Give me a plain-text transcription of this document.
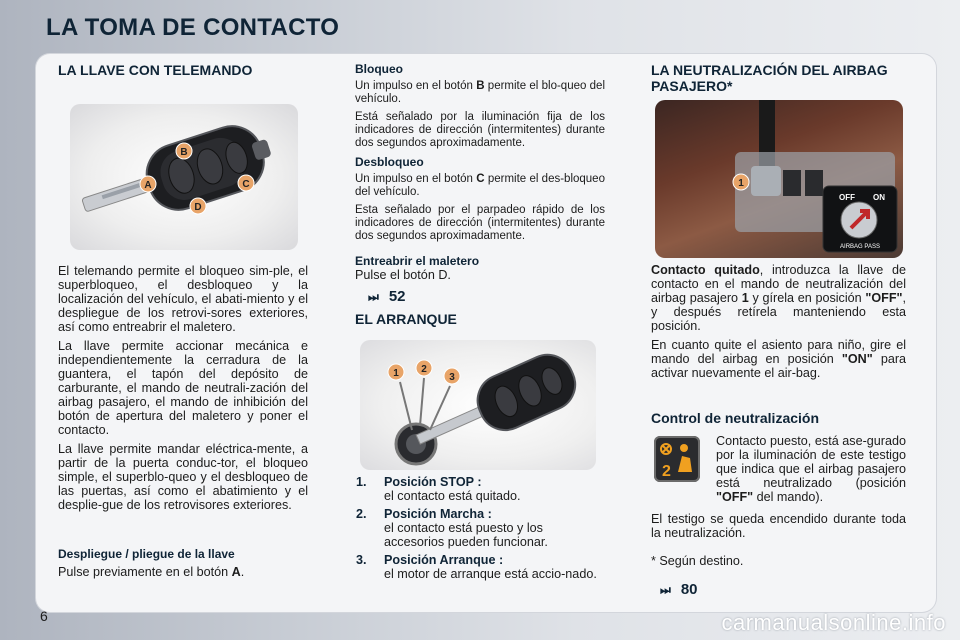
LA TOMA DE CONTACTO
LA LLAVE CON TELEMANDO
A
B
C
D

El telemando permite el bloqueo sim-ple, el superbloqueo, el desbloqueo y la localización del vehículo, el abati-miento y el despliegue de los retrovi-sores exteriores, así como entreabrir el maletero.

La llave permite accionar mecánica e independientemente la cerradura de la guantera, el tapón del depósito de carburante, el mando de neutrali-zación del airbag pasajero, el mando de inhibición del botón de apertura del maletero y poner el contacto.

La llave permite mandar eléctrica-mente, a partir de la puerta conduc-tor, el bloqueo simple, el superblo-queo y el desbloqueo de las puertas, así como el abatimiento y el desplie-gue de los retrovisores exteriores.

Despliegue / pliegue de la llave

Pulse previamente en el botón A.

Bloqueo

Un impulso en el botón B permite el blo-queo del vehículo.

Está señalado por la iluminación fija de los indicadores de dirección (intermitentes) durante dos segundos aproximadamente.

Desbloqueo

Un impulso en el botón C permite el des-bloqueo del vehículo.

Esta señalado por el parpadeo rápido de los indicadores de dirección (intermitentes) durante dos segundos aproximadamente.

Entreabrir el maletero

Pulse el botón D.

⏭ 52
EL ARRANQUE
1 2
3
1. Posición STOP :
el contacto está quitado.
2. Posición Marcha :
el contacto está puesto y los accesorios pueden funcionar.
3. Posición Arranque :
el motor de arranque está accio-nado.
LA NEUTRALIZACIÓN DEL AIRBAG PASAJERO*
1
OFF ON
AIRBAG PASS

Contacto quitado, introduzca la llave de contacto en el mando de neutralización del airbag pasajero 1 y gírela en posición "OFF", y después retírela manteniendo esta posición.

En cuanto quite el asiento para niño, gire el mando del airbag en posición "ON" para activar nuevamente el air-bag.

Control de neutralización
2

Contacto puesto, está ase-gurado por la iluminación de este testigo que indica que el airbag pasajero está neutralizado (posición "OFF" del mando).

El testigo se queda encendido durante toda la neutralización.

* Según destino.

⏭ 80
6	carmanualsonline.info
